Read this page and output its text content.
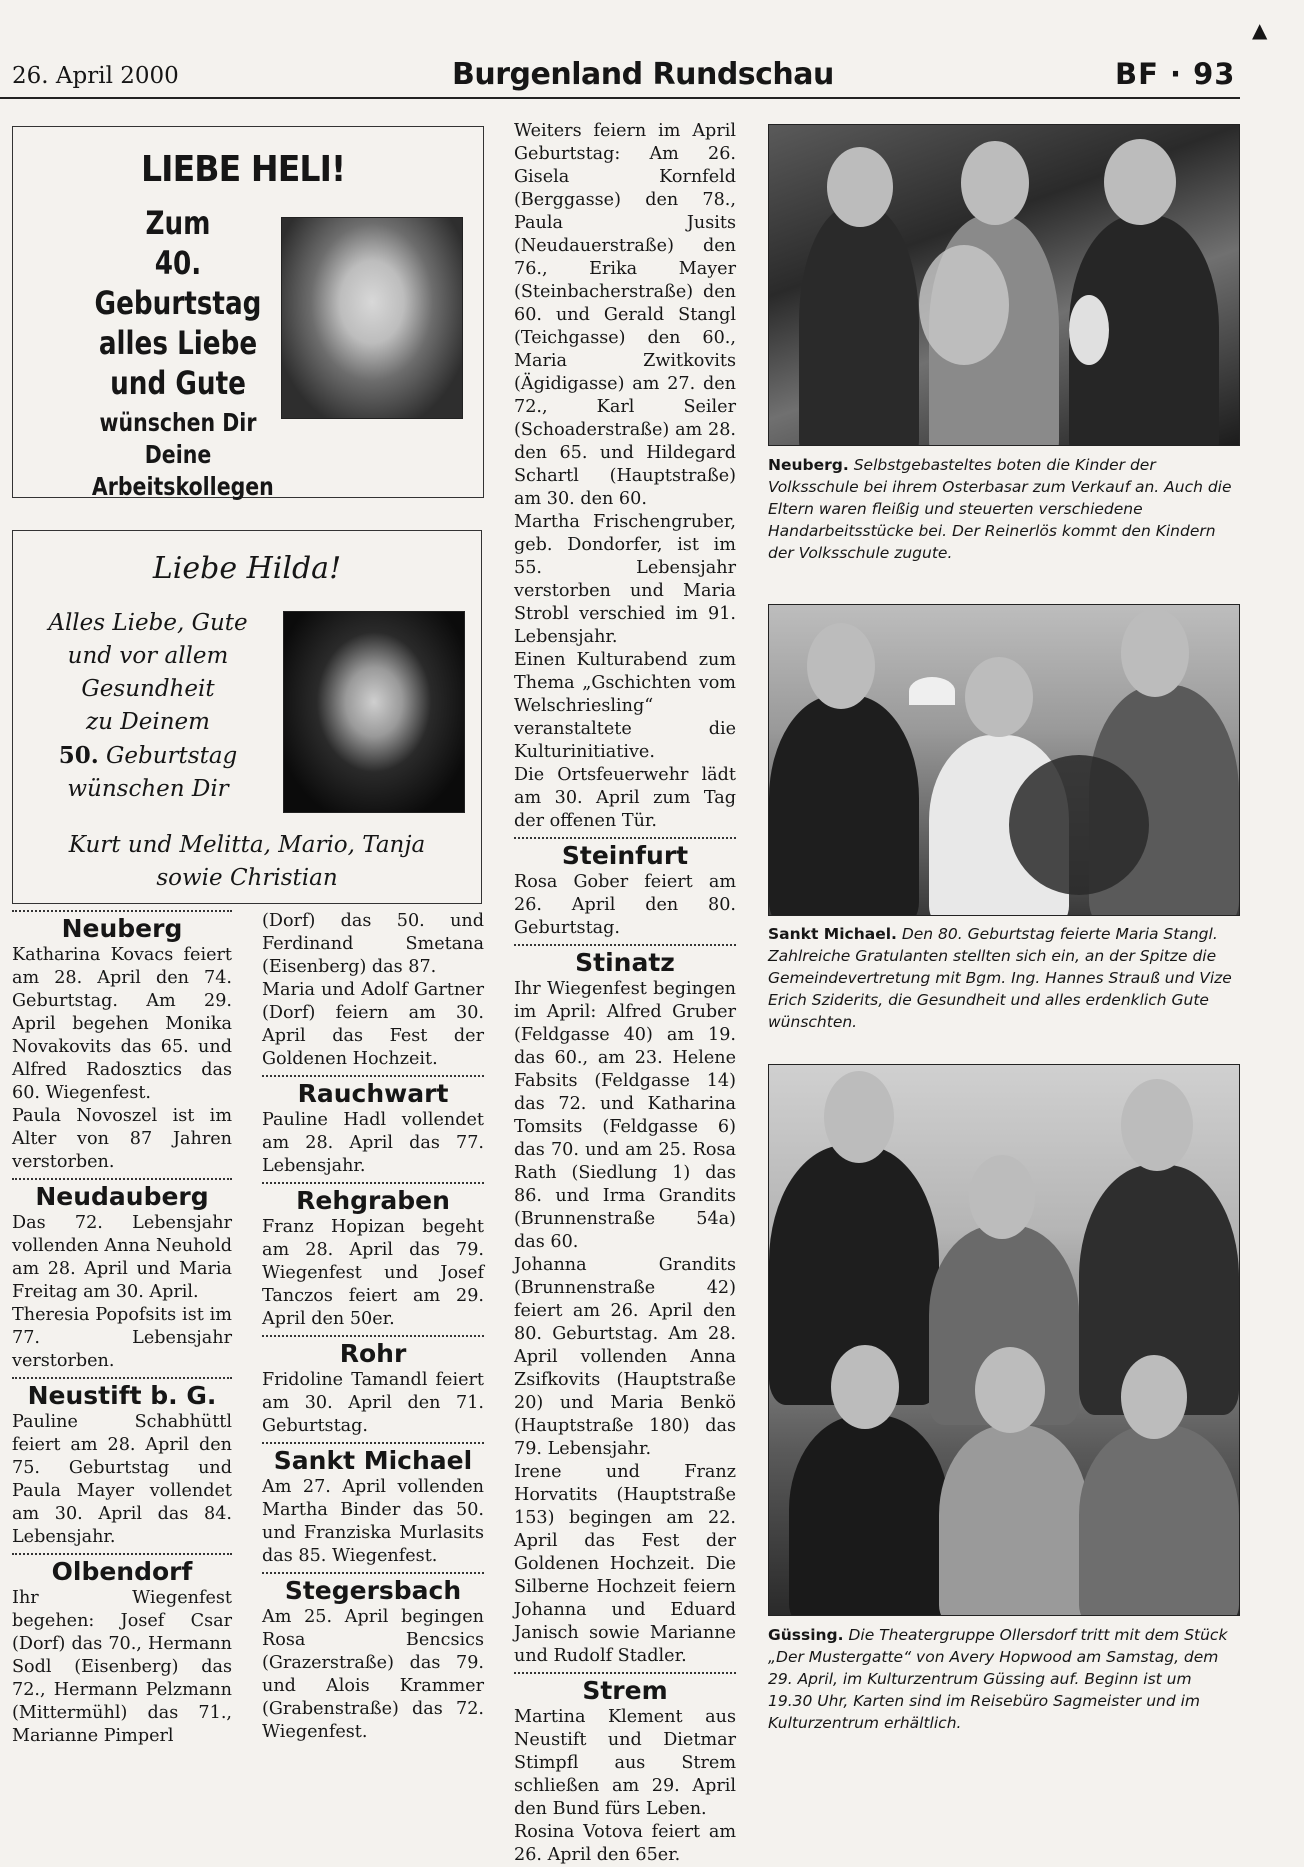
26. April 2000	Burgenland Rundschau	BF · 93
▲
LIEBE HELI!
Zum
40. Geburtstag
alles Liebe
und Gute
wünschen Dir
Deine
Arbeitskollegen
Liebe Hilda!
Alles Liebe, Gute
und vor allem
Gesundheit
zu Deinem
50. Geburtstag
wünschen Dir
Kurt und Melitta, Mario, Tanja
sowie Christian
Neuberg

Katharina Kovacs feiert am 28. April den 74. Geburtstag. Am 29. April begehen Monika Novakovits das 65. und Alfred Radosztics das 60. Wiegenfest.

Paula Novoszel ist im Alter von 87 Jahren verstorben.

Neudauberg

Das 72. Lebensjahr vollenden Anna Neuhold am 28. April und Maria Freitag am 30. April.

Theresia Popofsits ist im 77. Lebensjahr verstorben.

Neustift b. G.

Pauline Schabhüttl feiert am 28. April den 75. Geburtstag und Paula Mayer vollendet am 30. April das 84. Lebensjahr.

Olbendorf

Ihr Wiegenfest begehen: Josef Csar (Dorf) das 70., Hermann Sodl (Eisenberg) das 72., Hermann Pelzmann (Mittermühl) das 71., Marianne Pimperl

(Dorf) das 50. und Ferdinand Smetana (Eisenberg) das 87.

Maria und Adolf Gartner (Dorf) feiern am 30. April das Fest der Goldenen Hochzeit.

Rauchwart

Pauline Hadl vollendet am 28. April das 77. Lebensjahr.

Rehgraben

Franz Hopizan begeht am 28. April das 79. Wiegenfest und Josef Tanczos feiert am 29. April den 50er.

Rohr

Fridoline Tamandl feiert am 30. April den 71. Geburtstag.

Sankt Michael

Am 27. April vollenden Martha Binder das 50. und Franziska Murlasits das 85. Wiegenfest.

Stegersbach

Am 25. April begingen Rosa Bencsics (Grazerstraße) das 79. und Alois Krammer (Grabenstraße) das 72. Wiegenfest.

Weiters feiern im April Geburtstag: Am 26. Gisela Kornfeld (Berggasse) den 78., Paula Jusits (Neudauerstraße) den 76., Erika Mayer (Steinbacherstraße) den 60. und Gerald Stangl (Teichgasse) den 60., Maria Zwitkovits (Ägidigasse) am 27. den 72., Karl Seiler (Schoaderstraße) am 28. den 65. und Hildegard Schartl (Hauptstraße) am 30. den 60.

Martha Frischengruber, geb. Dondorfer, ist im 55. Lebensjahr verstorben und Maria Strobl verschied im 91. Lebensjahr.

Einen Kulturabend zum Thema „Gschichten vom Welschriesling“ veranstaltete die Kulturinitiative.

Die Ortsfeuerwehr lädt am 30. April zum Tag der offenen Tür.

Steinfurt

Rosa Gober feiert am 26. April den 80. Geburtstag.

Stinatz

Ihr Wiegenfest begingen im April: Alfred Gruber (Feldgasse 40) am 19. das 60., am 23. Helene Fabsits (Feldgasse 14) das 72. und Katharina Tomsits (Feldgasse 6) das 70. und am 25. Rosa Rath (Siedlung 1) das 86. und Irma Grandits (Brunnenstraße 54a) das 60.

Johanna Grandits (Brunnenstraße 42) feiert am 26. April den 80. Geburtstag. Am 28. April vollenden Anna Zsifkovits (Hauptstraße 20) und Maria Benkö (Hauptstraße 180) das 79. Lebensjahr.

Irene und Franz Horvatits (Hauptstraße 153) begingen am 22. April das Fest der Goldenen Hochzeit. Die Silberne Hochzeit feiern Johanna und Eduard Janisch sowie Marianne und Rudolf Stadler.

Strem

Martina Klement aus Neustift und Dietmar Stimpfl aus Strem schließen am 29. April den Bund fürs Leben.

Rosina Votova feiert am 26. April den 65er.

Neuberg. Selbstgebasteltes boten die Kinder der Volksschule bei ihrem Osterbasar zum Verkauf an. Auch die Eltern waren fleißig und steuerten verschiedene Handarbeitsstücke bei. Der Reinerlös kommt den Kindern der Volksschule zugute.
Sankt Michael. Den 80. Geburtstag feierte Maria Stangl. Zahlreiche Gratulanten stellten sich ein, an der Spitze die Gemeindevertretung mit Bgm. Ing. Hannes Strauß und Vize Erich Sziderits, die Gesundheit und alles erdenklich Gute wünschten.
Güssing. Die Theatergruppe Ollersdorf tritt mit dem Stück „Der Mustergatte“ von Avery Hopwood am Samstag, dem 29. April, im Kulturzentrum Güssing auf. Beginn ist um 19.30 Uhr, Karten sind im Reisebüro Sagmeister und im Kulturzentrum erhältlich.
